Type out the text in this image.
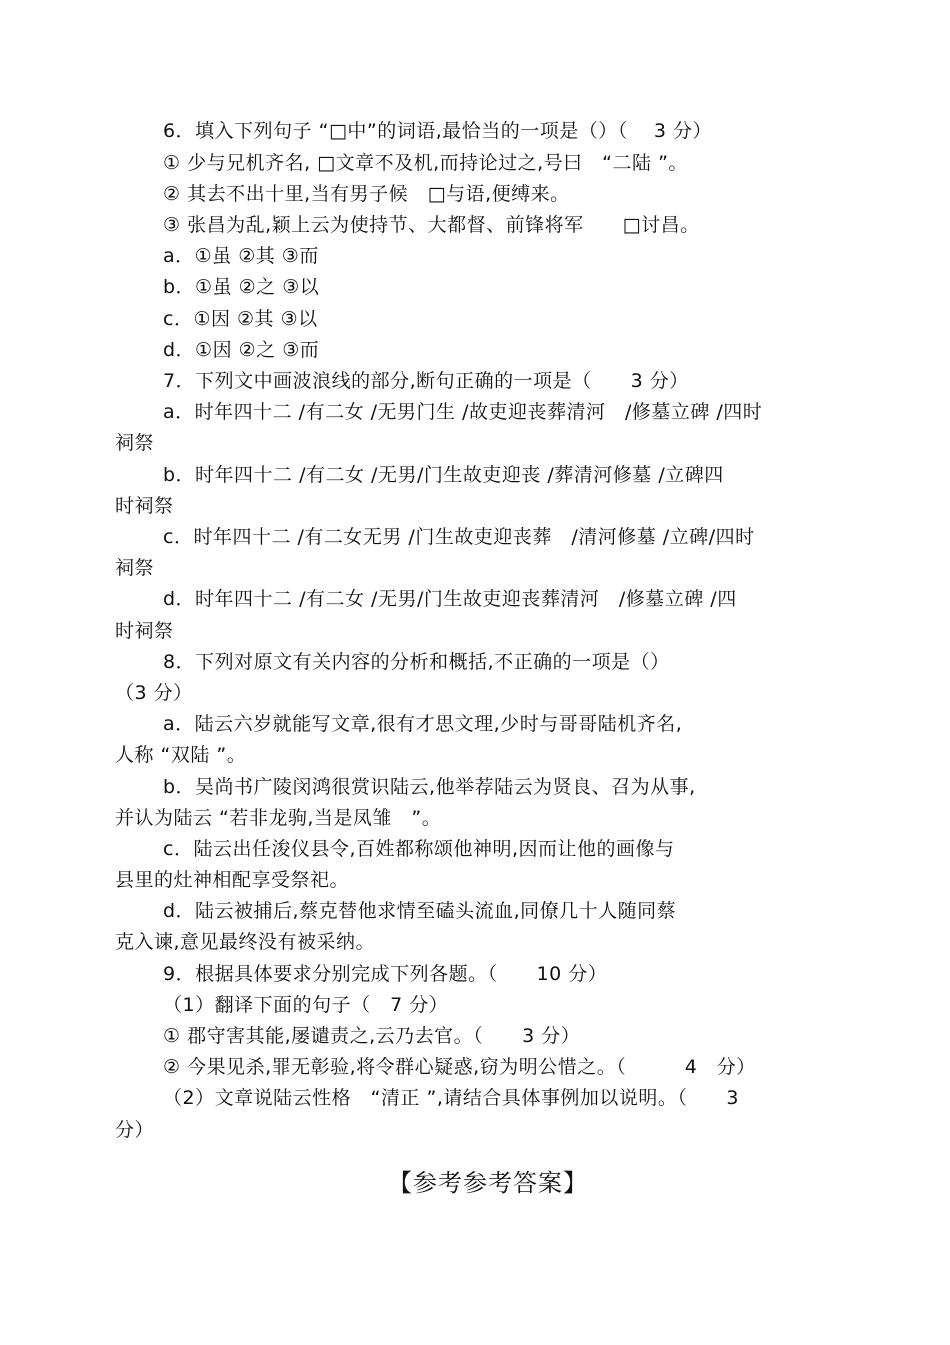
6．填入下列句子 “□中”的词语,最恰当的一项是（）（　 3 分）
① 少与兄机齐名, □文章不及机,而持论过之,号曰　“二陆 ”。
② 其去不出十里,当有男子候　□与语,便缚来。
③ 张昌为乱,颖上云为使持节、大都督、前锋将军　　□讨昌。
a．①虽 ②其 ③而
b．①虽 ②之 ③以
c．①因 ②其 ③以
d．①因 ②之 ③而
7．下列文中画波浪线的部分,断句正确的一项是（　　3 分）
a．时年四十二 /有二女 /无男门生 /故吏迎丧葬清河　/修墓立碑 /四时
祠祭
b．时年四十二 /有二女 /无男/门生故吏迎丧 /葬清河修墓 /立碑四
时祠祭
c．时年四十二 /有二女无男 /门生故吏迎丧葬　/清河修墓 /立碑/四时
祠祭
d．时年四十二 /有二女 /无男/门生故吏迎丧葬清河　/修墓立碑 /四
时祠祭
8．下列对原文有关内容的分析和概括,不正确的一项是（）
（3 分）
a．陆云六岁就能写文章,很有才思文理,少时与哥哥陆机齐名,
人称 “双陆 ”。
b．吴尚书广陵闵鸿很赏识陆云,他举荐陆云为贤良、召为从事,
并认为陆云 “若非龙驹,当是凤雏　”。
c．陆云出任浚仪县令,百姓都称颂他神明,因而让他的画像与
县里的灶神相配享受祭祀。
d．陆云被捕后,蔡克替他求情至磕头流血,同僚几十人随同蔡
克入谏,意见最终没有被采纳。
9．根据具体要求分别完成下列各题。（　　10 分）
（1）翻译下面的句子（　7 分）
① 郡守害其能,屡谴责之,云乃去官。（　　3 分）
② 今果见杀,罪无彰验,将令群心疑惑,窃为明公惜之。（　　　4　分）
（2）文章说陆云性格　“清正 ”,请结合具体事例加以说明。（　　3
分）
【参考参考答案】
